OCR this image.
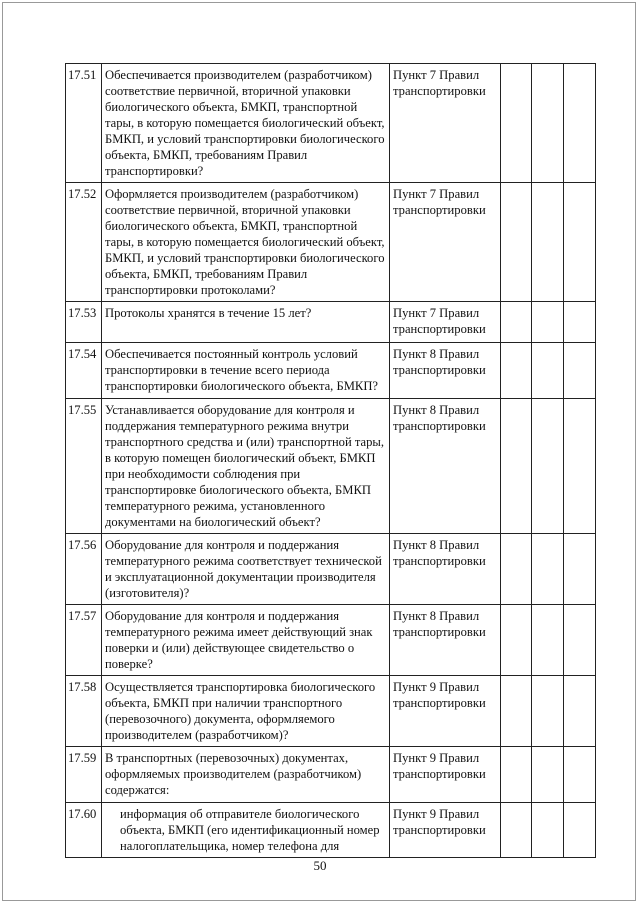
17.51	Обеспечивается производителем (разработчиком) соответствие первичной, вторичной упаковки биологического объекта, БМКП, транспортной тары, в которую помещается биологический объект, БМКП, и условий транспортировки биологического объекта, БМКП, требованиям Правил транспортировки?	Пункт 7 Правил транспортировки			
17.52	Оформляется производителем (разработчиком) соответствие первичной, вторичной упаковки биологического объекта, БМКП, транспортной тары, в которую помещается биологический объект, БМКП, и условий транспортировки биологического объекта, БМКП, требованиям Правил транспортировки протоколами?	Пункт 7 Правил транспортировки			
17.53	Протоколы хранятся в течение 15 лет?	Пункт 7 Правил транспортировки			
17.54	Обеспечивается постоянный контроль условий транспортировки в течение всего периода транспортировки биологического объекта, БМКП?	Пункт 8 Правил транспортировки			
17.55	Устанавливается оборудование для контроля и поддержания температурного режима внутри транспортного средства и (или) транспортной тары, в которую помещен биологический объект, БМКП при необходимости соблюдения при транспортировке биологического объекта, БМКП температурного режима, установленного документами на биологический объект?	Пункт 8 Правил транспортировки			
17.56	Оборудование для контроля и поддержания температурного режима соответствует технической и эксплуатационной документации производителя (изготовителя)?	Пункт 8 Правил транспортировки			
17.57	Оборудование для контроля и поддержания температурного режима имеет действующий знак поверки и (или) действующее свидетельство о поверке?	Пункт 8 Правил транспортировки			
17.58	Осуществляется транспортировка биологического объекта, БМКП при наличии транспортного (перевозочного) документа, оформляемого производителем (разработчиком)?	Пункт 9 Правил транспортировки			
17.59	В транспортных (перевозочных) документах, оформляемых производителем (разработчиком) содержатся:	Пункт 9 Правил транспортировки			
17.60	информация об отправителе биологического объекта, БМКП (его идентификационный номер налогоплательщика, номер телефона для	Пункт 9 Правил транспортировки			
50
